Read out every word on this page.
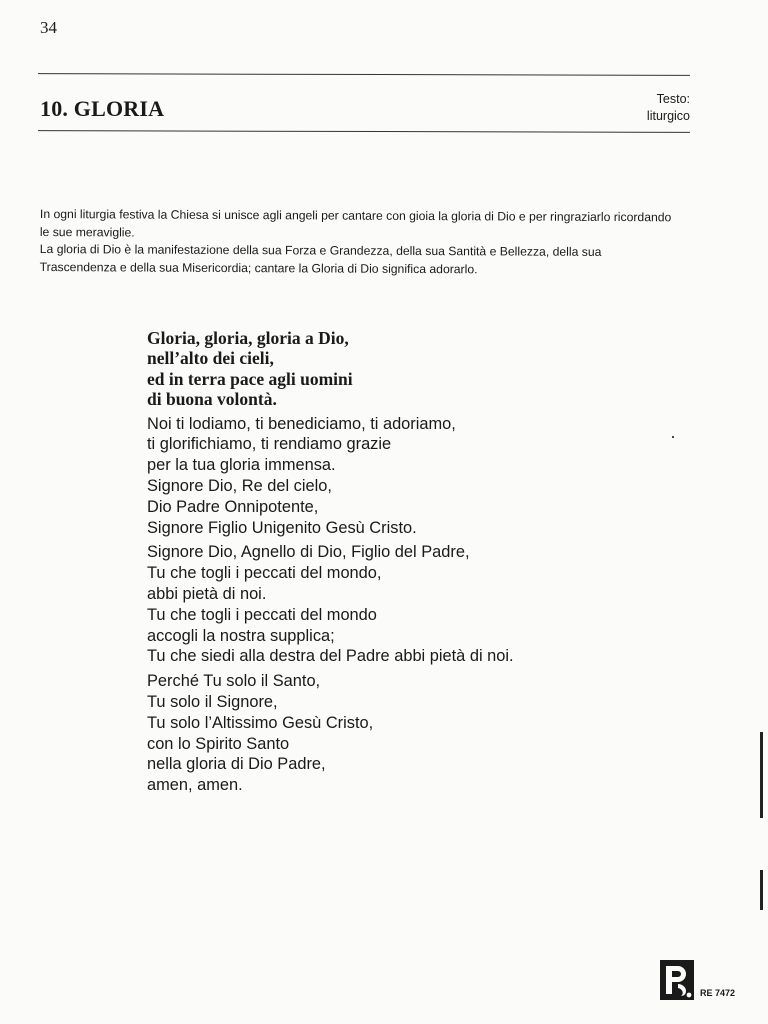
34
10. GLORIA	Testo:
liturgico

In ogni liturgia festiva la Chiesa si unisce agli angeli per cantare con gioia la gloria di Dio e per ringraziarlo ricordando le sue meraviglie.

La gloria di Dio è la manifestazione della sua Forza e Grandezza, della sua Santità e Bellezza, della sua Trascendenza e della sua Misericordia; cantare la Gloria di Dio significa adorarlo.

Gloria, gloria, gloria a Dio,
nell’alto dei cieli,
ed in terra pace agli uomini
di buona volontà.
Noi ti lodiamo, ti benediciamo, ti adoriamo,
ti glorifichiamo, ti rendiamo grazie
per la tua gloria immensa.
Signore Dio, Re del cielo,
Dio Padre Onnipotente,
Signore Figlio Unigenito Gesù Cristo.
Signore Dio, Agnello di Dio, Figlio del Padre,
Tu che togli i peccati del mondo,
abbi pietà di noi.
Tu che togli i peccati del mondo
accogli la nostra supplica;
Tu che siedi alla destra del Padre abbi pietà di noi.
Perché Tu solo il Santo,
Tu solo il Signore,
Tu solo l’Altissimo Gesù Cristo,
con lo Spirito Santo
nella gloria di Dio Padre,
amen, amen.
RE 7472
